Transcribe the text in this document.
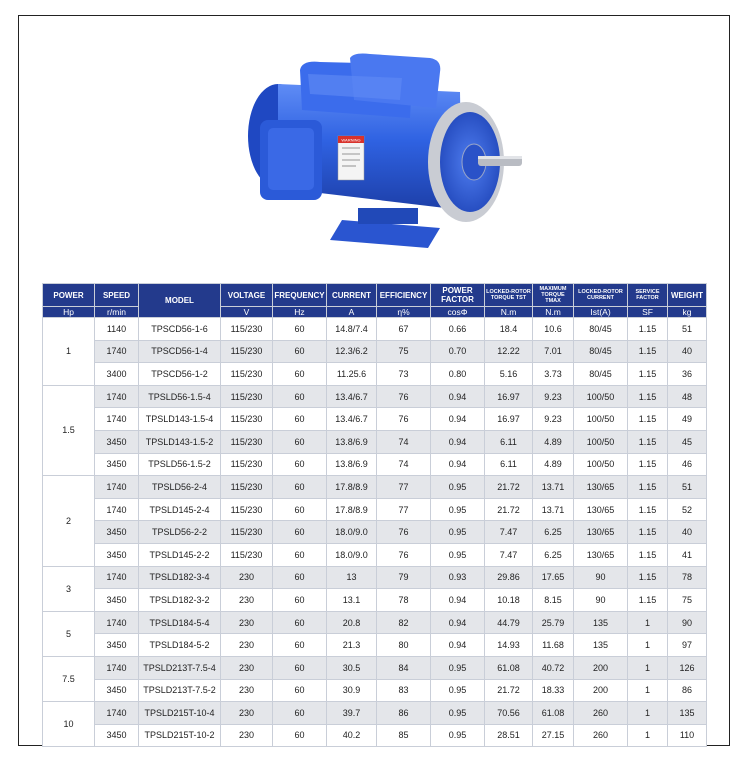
WARNING
POWER	SPEED	MODEL	VOLTAGE	FREQUENCY	CURRENT	EFFICIENCY	POWER FACTOR	LOCKED-ROTOR TORQUE TST	MAXIMUM TORQUE TMAX	LOCKED-ROTOR CURRENT	SERVICE FACTOR	WEIGHT
Hp	r/min		V	Hz	A	η%	cosΦ	N.m	N.m	Ist(A)	SF	kg
1	1140	TPSCD56-1-6	115/230	60	14.8/7.4	67	0.66	18.4	10.6	80/45	1.15	51
	1740	TPSCD56-1-4	115/230	60	12.3/6.2	75	0.70	12.22	7.01	80/45	1.15	40
	3400	TPSCD56-1-2	115/230	60	11.25.6	73	0.80	5.16	3.73	80/45	1.15	36
1.5	1740	TPSLD56-1.5-4	115/230	60	13.4/6.7	76	0.94	16.97	9.23	100/50	1.15	48
	1740	TPSLD143-1.5-4	115/230	60	13.4/6.7	76	0.94	16.97	9.23	100/50	1.15	49
	3450	TPSLD143-1.5-2	115/230	60	13.8/6.9	74	0.94	6.11	4.89	100/50	1.15	45
	3450	TPSLD56-1.5-2	115/230	60	13.8/6.9	74	0.94	6.11	4.89	100/50	1.15	46
2	1740	TPSLD56-2-4	115/230	60	17.8/8.9	77	0.95	21.72	13.71	130/65	1.15	51
	1740	TPSLD145-2-4	115/230	60	17.8/8.9	77	0.95	21.72	13.71	130/65	1.15	52
	3450	TPSLD56-2-2	115/230	60	18.0/9.0	76	0.95	7.47	6.25	130/65	1.15	40
	3450	TPSLD145-2-2	115/230	60	18.0/9.0	76	0.95	7.47	6.25	130/65	1.15	41
3	1740	TPSLD182-3-4	230	60	13	79	0.93	29.86	17.65	90	1.15	78
	3450	TPSLD182-3-2	230	60	13.1	78	0.94	10.18	8.15	90	1.15	75
5	1740	TPSLD184-5-4	230	60	20.8	82	0.94	44.79	25.79	135	1	90
	3450	TPSLD184-5-2	230	60	21.3	80	0.94	14.93	11.68	135	1	97
7.5	1740	TPSLD213T-7.5-4	230	60	30.5	84	0.95	61.08	40.72	200	1	126
	3450	TPSLD213T-7.5-2	230	60	30.9	83	0.95	21.72	18.33	200	1	86
10	1740	TPSLD215T-10-4	230	60	39.7	86	0.95	70.56	61.08	260	1	135
	3450	TPSLD215T-10-2	230	60	40.2	85	0.95	28.51	27.15	260	1	110
